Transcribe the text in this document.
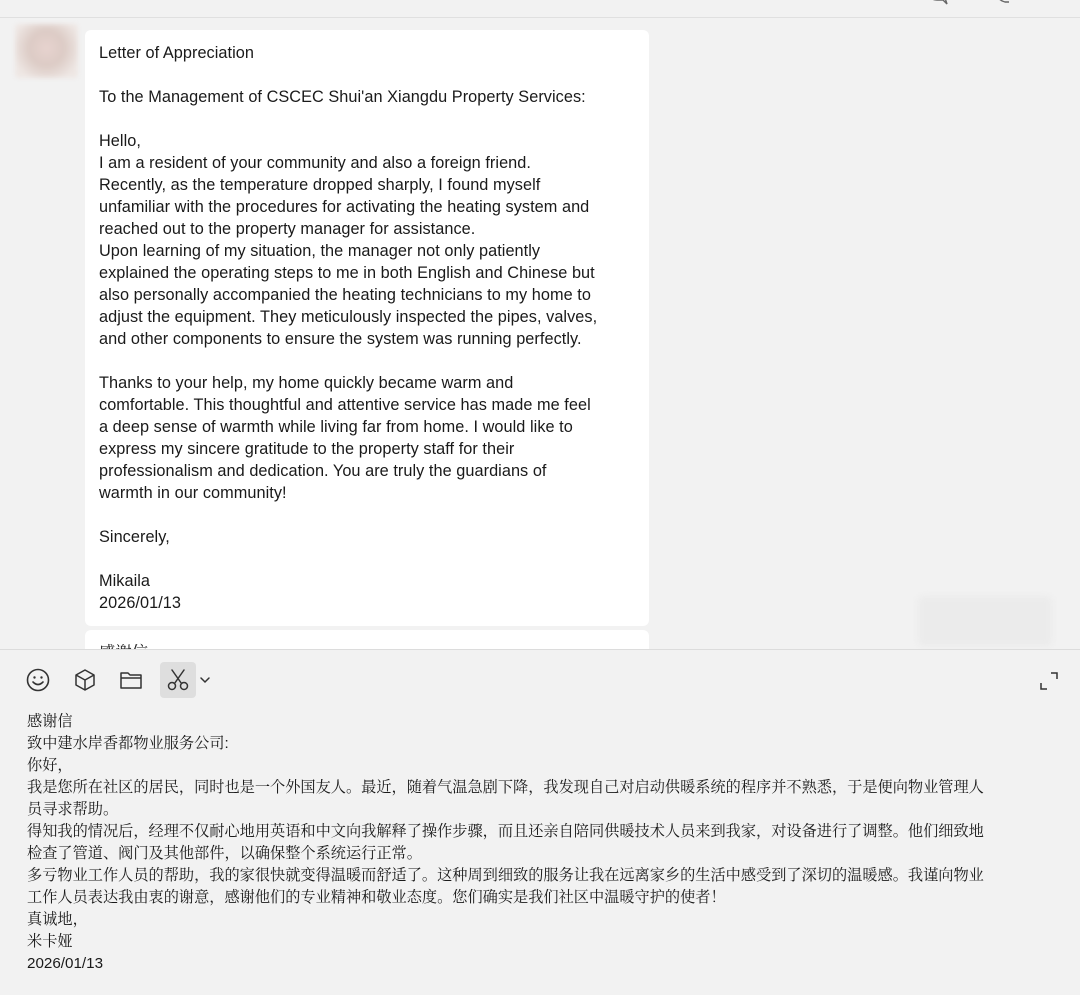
Letter of Appreciation

To the Management of CSCEC Shui'an Xiangdu Property Services:

Hello,

I am a resident of your community and also a foreign friend.
Recently, as the temperature dropped sharply, I found myself
unfamiliar with the procedures for activating the heating system and
reached out to the property manager for assistance.
Upon learning of my situation, the manager not only patiently
explained the operating steps to me in both English and Chinese but
also personally accompanied the heating technicians to my home to
adjust the equipment. They meticulously inspected the pipes, valves,
and other components to ensure the system was running perfectly.

Thanks to your help, my home quickly became warm and
comfortable. This thoughtful and attentive service has made me feel
a deep sense of warmth while living far from home. I would like to
express my sincere gratitude to the property staff for their
professionalism and dedication. You are truly the guardians of
warmth in our community!

Sincerely,

Mikaila

2026/01/13

感谢信

致中建水岸香都物业服务公司:

你好，

我是您所在社区的居民，同时也是一个外国友人。最近，随着气温急剧下降，我发现自己对启动供暖系统的程序并不熟悉，于是便向物业管理人
员寻求帮助。

得知我的情况后，经理不仅耐心地用英语和中文向我解释了操作步骤，而且还亲自陪同供暖技术人员来到我家，对设备进行了调整。他们细致地
检查了管道、阀门及其他部件，以确保整个系统运行正常。

多亏物业工作人员的帮助，我的家很快就变得温暖而舒适了。这种周到细致的服务让我在远离家乡的生活中感受到了深切的温暖感。我谨向物业
工作人员表达我由衷的谢意，感谢他们的专业精神和敬业态度。您们确实是我们社区中温暖守护的使者！

真诚地，

米卡娅

2026/01/13
